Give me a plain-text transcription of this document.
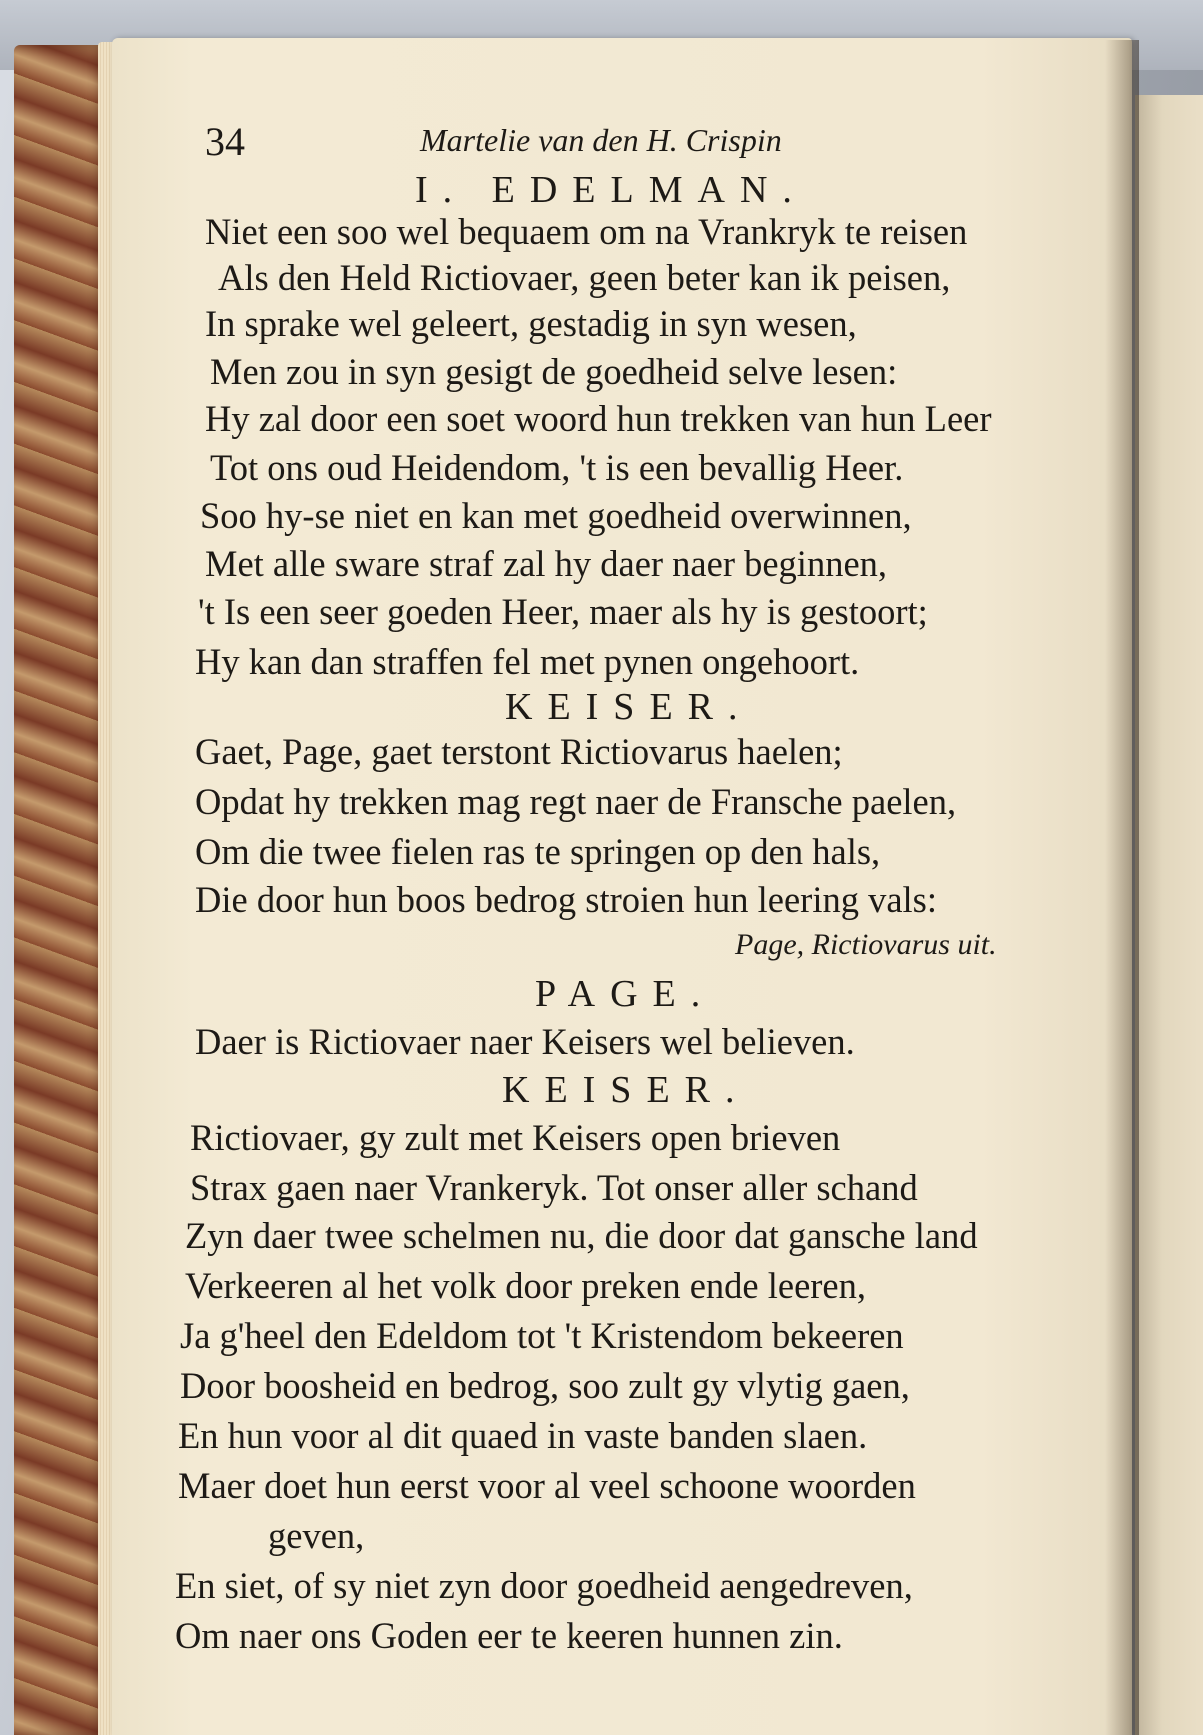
34	Martelie van den H. Crispin
I. EDELMAN.
Niet een soo wel bequaem om na Vrankryk te reisen
Als den Held Rictiovaer, geen beter kan ik peisen,
In sprake wel geleert, gestadig in syn wesen,
Men zou in syn gesigt de goedheid selve lesen:
Hy zal door een soet woord hun trekken van hun Leer
Tot ons oud Heidendom, 't is een bevallig Heer.
Soo hy-se niet en kan met goedheid overwinnen,
Met alle sware straf zal hy daer naer beginnen,
't Is een seer goeden Heer, maer als hy is gestoort;
Hy kan dan straffen fel met pynen ongehoort.
KEISER.
Gaet, Page, gaet terstont Rictiovarus haelen;
Opdat hy trekken mag regt naer de Fransche paelen,
Om die twee fielen ras te springen op den hals,
Die door hun boos bedrog stroien hun leering vals:
Page, Rictiovarus uit.
PAGE.
Daer is Rictiovaer naer Keisers wel believen.
KEISER.
Rictiovaer, gy zult met Keisers open brieven
Strax gaen naer Vrankeryk. Tot onser aller schand
Zyn daer twee schelmen nu, die door dat gansche land
Verkeeren al het volk door preken ende leeren,
Ja g'heel den Edeldom tot 't Kristendom bekeeren
Door boosheid en bedrog, soo zult gy vlytig gaen,
En hun voor al dit quaed in vaste banden slaen.
Maer doet hun eerst voor al veel schoone woorden
geven,
En siet, of sy niet zyn door goedheid aengedreven,
Om naer ons Goden eer te keeren hunnen zin.
